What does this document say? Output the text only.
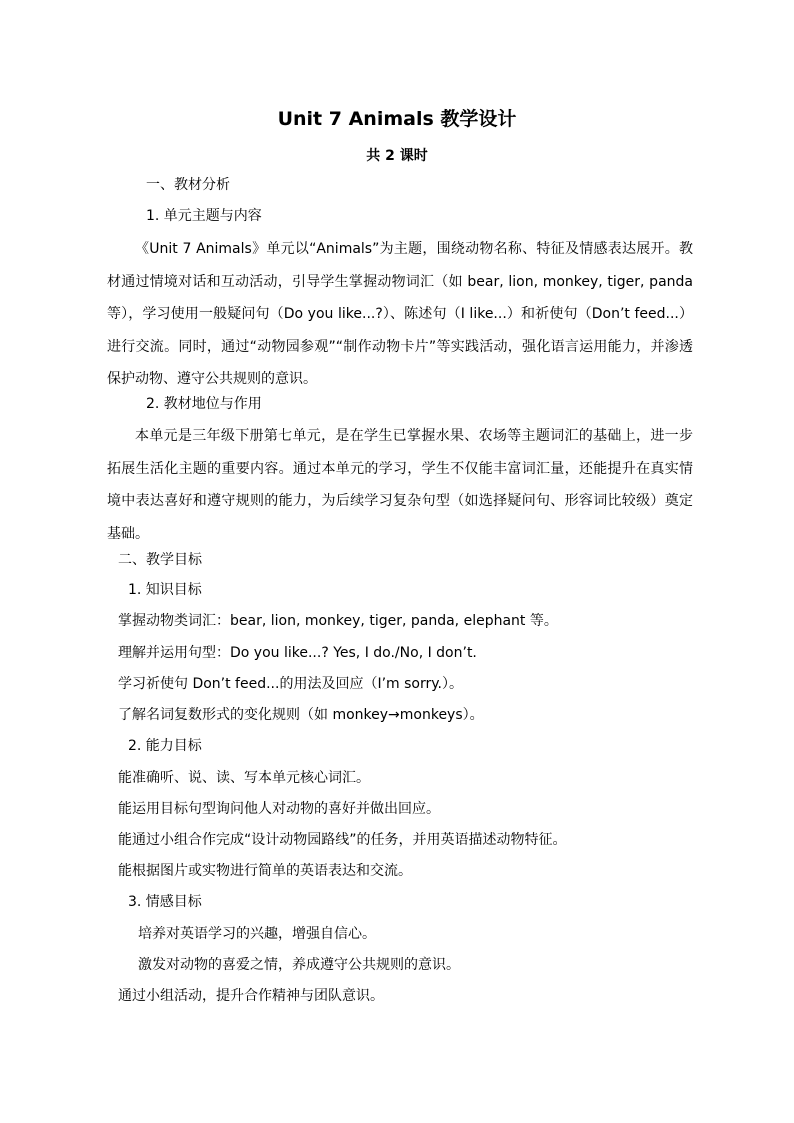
Unit 7 Animals 教学设计
共 2 课时
一、教材分析
1. 单元主题与内容

《Unit 7 Animals》单元以“Animals”为主题，围绕动物名称、特征及情感表达展开。教材通过情境对话和互动活动，引导学生掌握动物词汇（如 bear, lion, monkey, tiger, panda 等），学习使用一般疑问句（Do you like...?）、陈述句（I like...）和祈使句（Don’t feed...）进行交流。同时，通过“动物园参观”“制作动物卡片”等实践活动，强化语言运用能力，并渗透保护动物、遵守公共规则的意识。

2. 教材地位与作用

本单元是三年级下册第七单元，是在学生已掌握水果、农场等主题词汇的基础上，进一步拓展生活化主题的重要内容。通过本单元的学习，学生不仅能丰富词汇量，还能提升在真实情境中表达喜好和遵守规则的能力，为后续学习复杂句型（如选择疑问句、形容词比较级）奠定基础。

二、教学目标
1. 知识目标
掌握动物类词汇：bear, lion, monkey, tiger, panda, elephant 等。
理解并运用句型：Do you like...? Yes, I do./No, I don’t.
学习祈使句 Don’t feed...的用法及回应（I’m sorry.）。
了解名词复数形式的变化规则（如 monkey→monkeys）。
2. 能力目标
能准确听、说、读、写本单元核心词汇。
能运用目标句型询问他人对动物的喜好并做出回应。
能通过小组合作完成“设计动物园路线”的任务，并用英语描述动物特征。
能根据图片或实物进行简单的英语表达和交流。
3. 情感目标
培养对英语学习的兴趣，增强自信心。
激发对动物的喜爱之情，养成遵守公共规则的意识。
通过小组活动，提升合作精神与团队意识。
